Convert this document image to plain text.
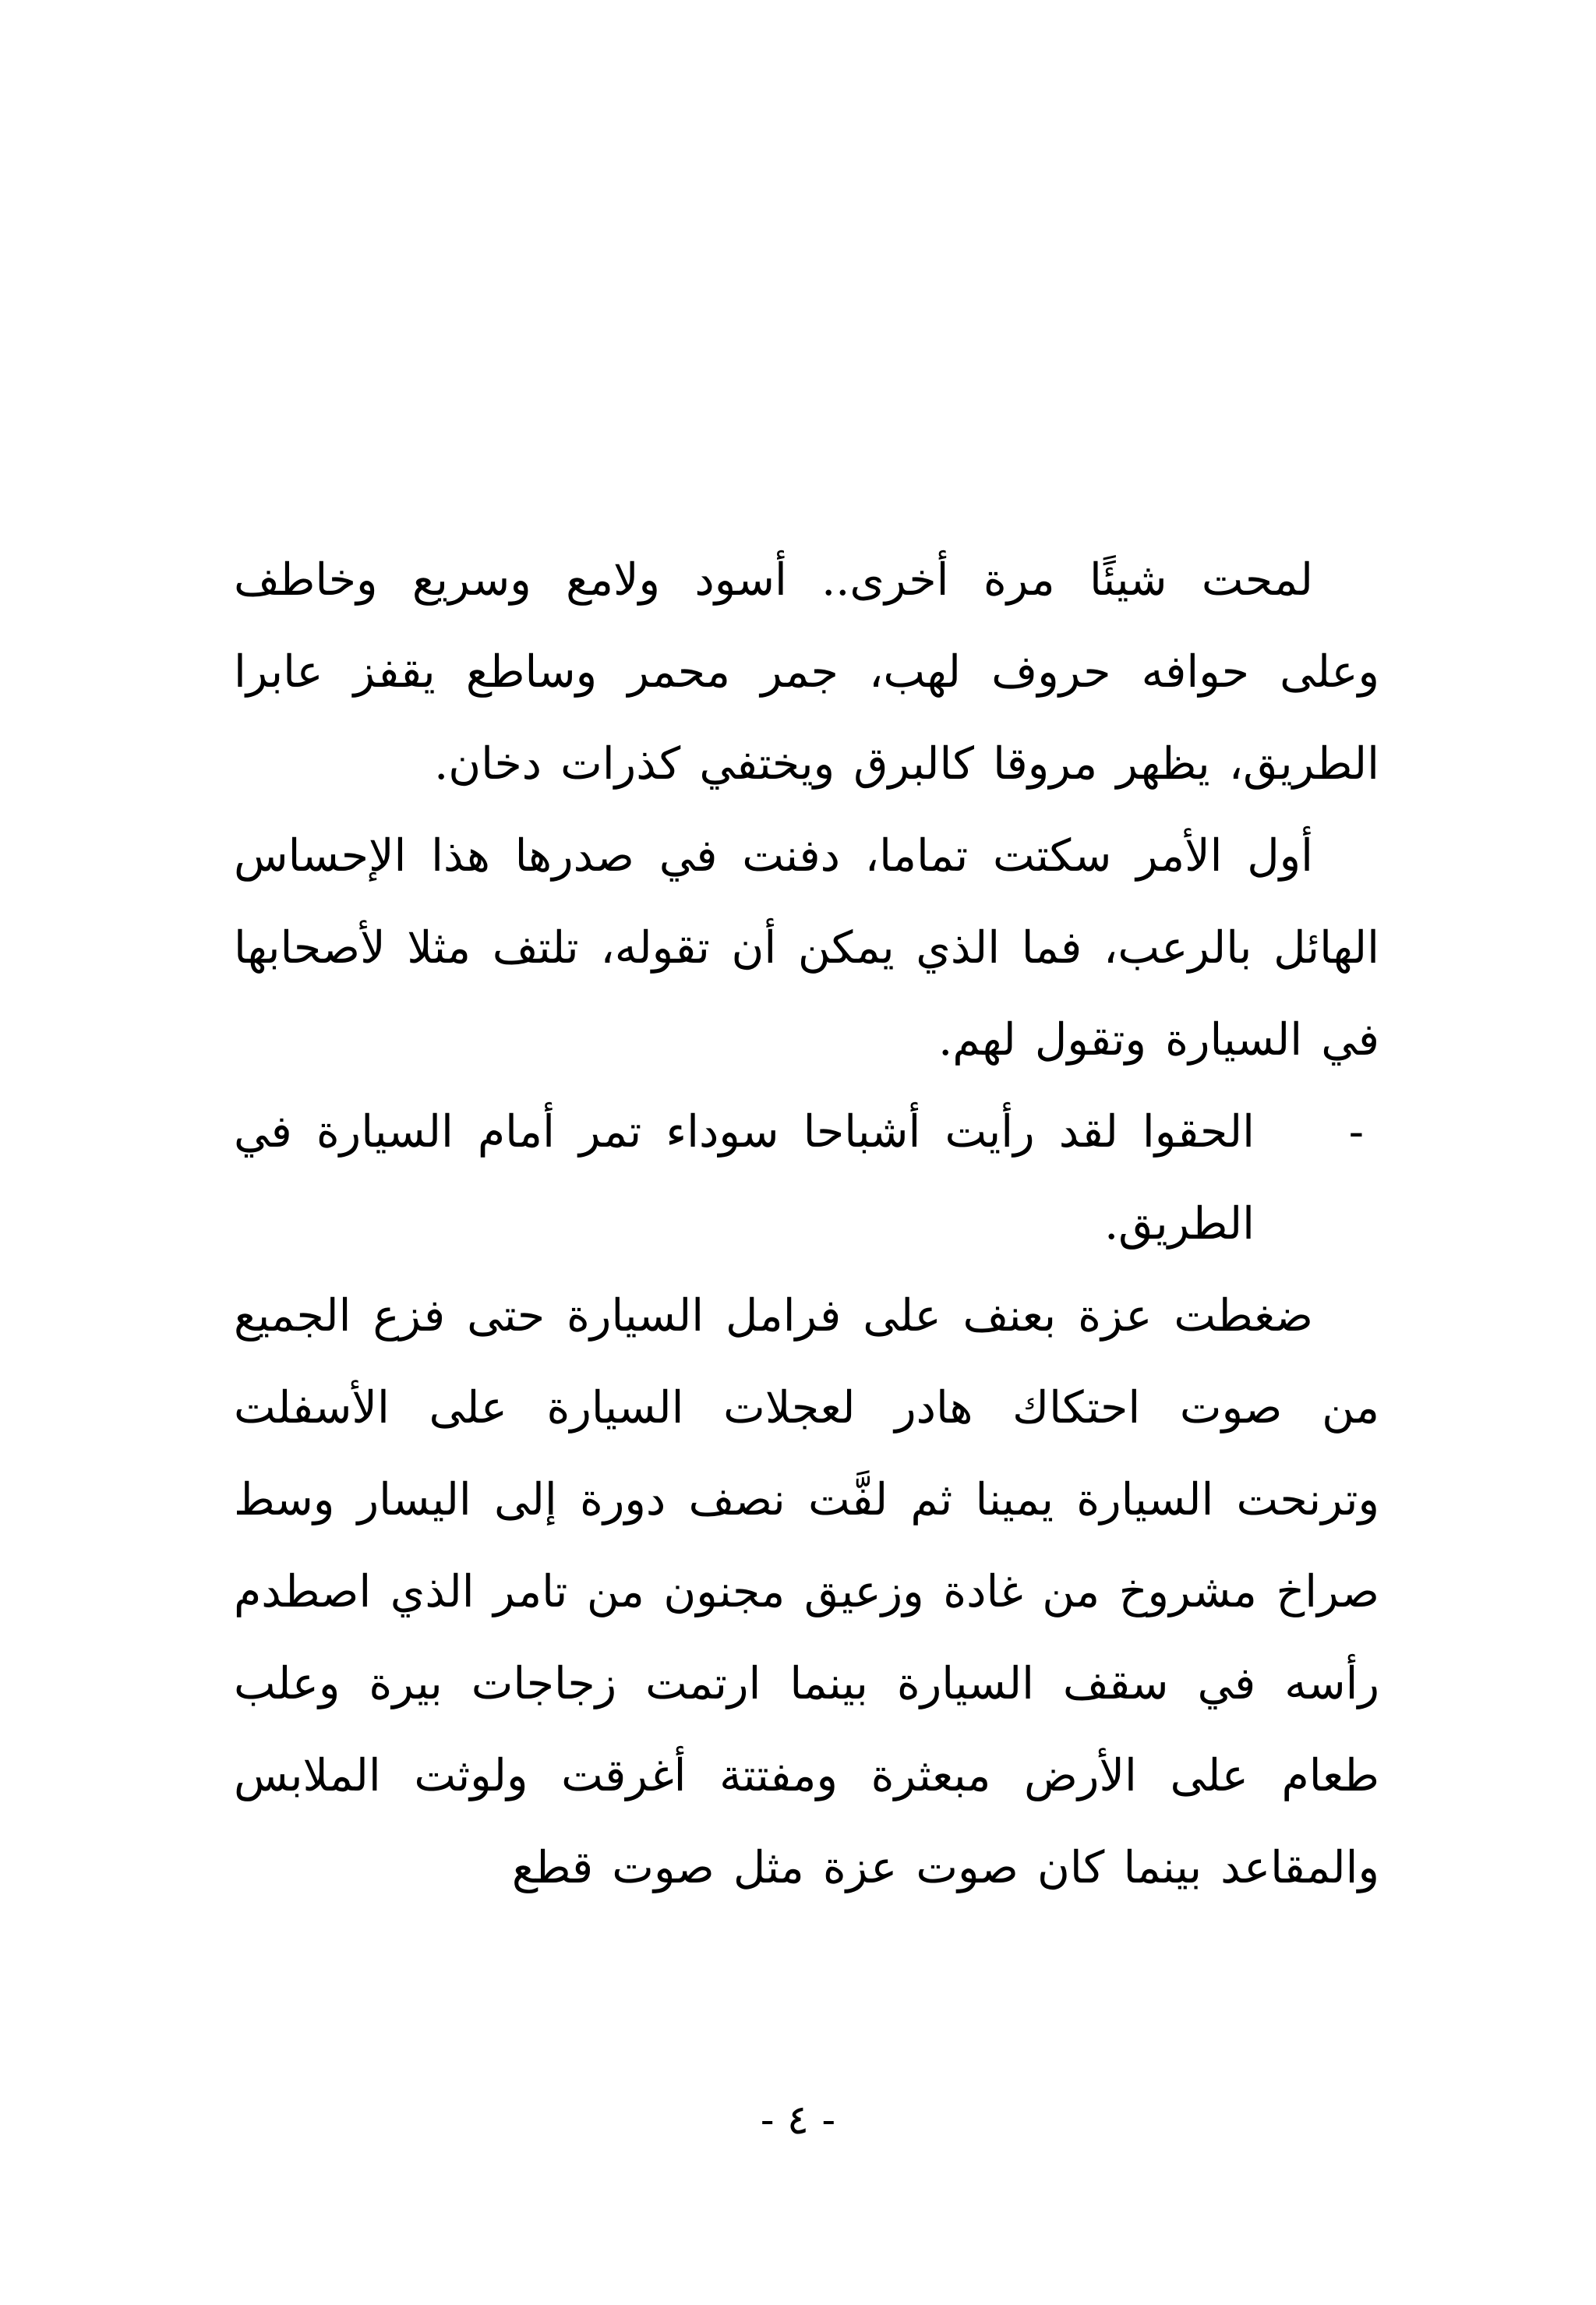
لمحت شيئًا مرة أخرى.. أسود ولامع وسريع وخاطف وعلى حوافه حروف لهب، جمر محمر وساطع يقفز عابرا الطريق، يظهر مروقا كالبرق ويختفي كذرات دخان.

أول الأمر سكتت تماما، دفنت في صدرها هذا الإحساس الهائل بالرعب، فما الذي يمكن أن تقوله، تلتف مثلا لأصحابها في السيارة وتقول لهم.

-
الحقوا لقد رأيت أشباحا سوداء تمر أمام السيارة في الطريق.

ضغطت عزة بعنف على فرامل السيارة حتى فزع الجميع من صوت احتكاك هادر لعجلات السيارة على الأسفلت وترنحت السيارة يمينا ثم لفَّت نصف دورة إلى اليسار وسط صراخ مشروخ من غادة وزعيق مجنون من تامر الذي اصطدم رأسه في سقف السيارة بينما ارتمت زجاجات بيرة وعلب طعام على الأرض مبعثرة ومفتتة أغرقت ولوثت الملابس والمقاعد بينما كان صوت عزة مثل صوت قطع

- ٤ -
